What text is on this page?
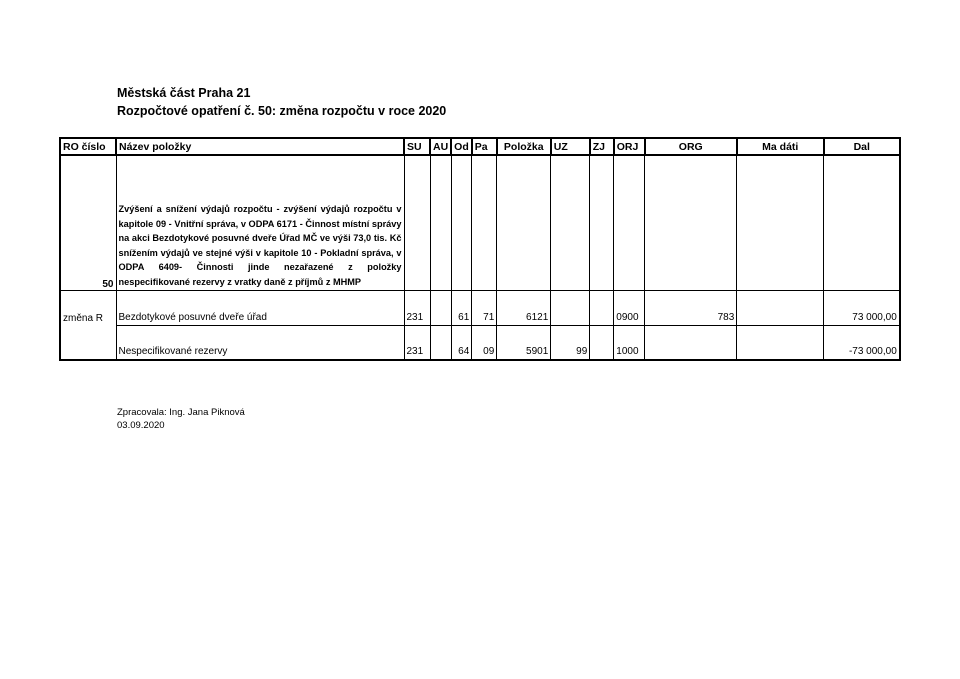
Městská část Praha 21
Rozpočtové opatření č. 50: změna rozpočtu v roce 2020
RO číslo	Název položky	SU	AU	Od	Pa	Položka	UZ	ZJ	ORJ	ORG	Ma dáti	Dal
50	Zvýšení a snížení výdajů rozpočtu - zvýšení výdajů rozpočtu v kapitole 09 - Vnitřní správa, v ODPA 6171 - Činnost místní správy na akci Bezdotykové posuvné dveře Úřad MČ ve výši 73,0 tis. Kč snížením výdajů ve stejné výši v kapitole 10 - Pokladní správa, v ODPA 6409- Činnosti jinde nezařazené z položky nespecifikované rezervy z vratky daně z příjmů z MHMP											

změna R	Bezdotykové posuvné dveře úřad	231		61	71	6121			0900	783		73 000,00
	Nespecifikované rezervy	231		64	09	5901	99		1000			-73 000,00
Zpracovala: Ing. Jana Piknová
03.09.2020
